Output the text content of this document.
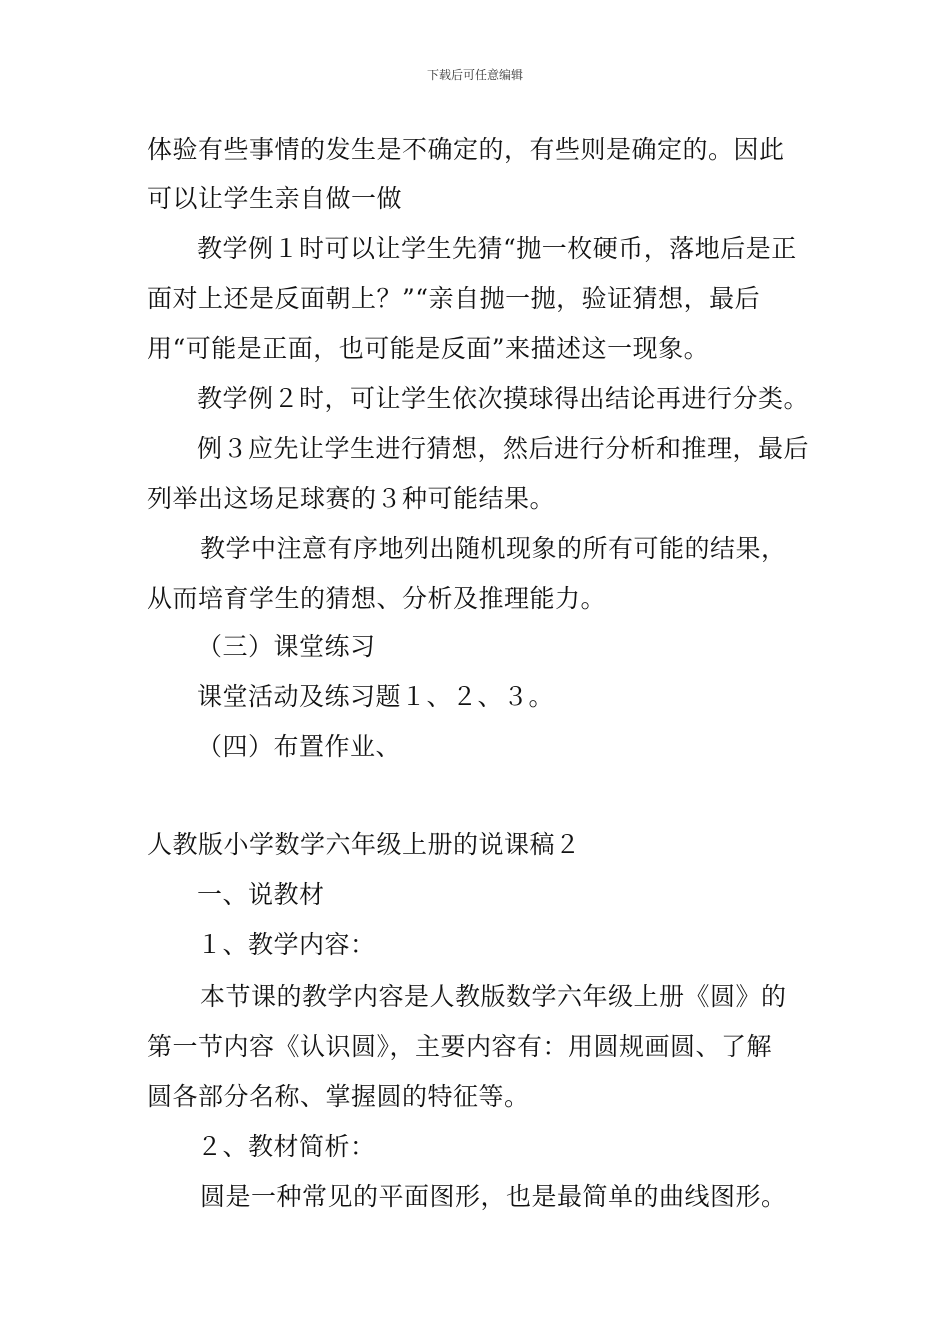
下载后可任意编辑
体验有些事情的发生是不确定的，有些则是确定的。因此
可以让学生亲自做一做
教学例１时可以让学生先猜“抛一枚硬币，落地后是正
面对上还是反面朝上？”“亲自抛一抛，验证猜想，最后
用“可能是正面，也可能是反面”来描述这一现象。
教学例２时，可让学生依次摸球得出结论再进行分类。
例３应先让学生进行猜想，然后进行分析和推理，最后
列举出这场足球赛的３种可能结果。
教学中注意有序地列出随机现象的所有可能的结果，
从而培育学生的猜想、分析及推理能力。
（三）课堂练习
课堂活动及练习题１、２、３。
（四）布置作业、
人教版小学数学六年级上册的说课稿２
一、说教材
１、教学内容：
本节课的教学内容是人教版数学六年级上册《圆》的
第一节内容《认识圆》，主要内容有：用圆规画圆、了解
圆各部分名称、掌握圆的特征等。
２、教材简析：
圆是一种常见的平面图形，也是最简单的曲线图形。
